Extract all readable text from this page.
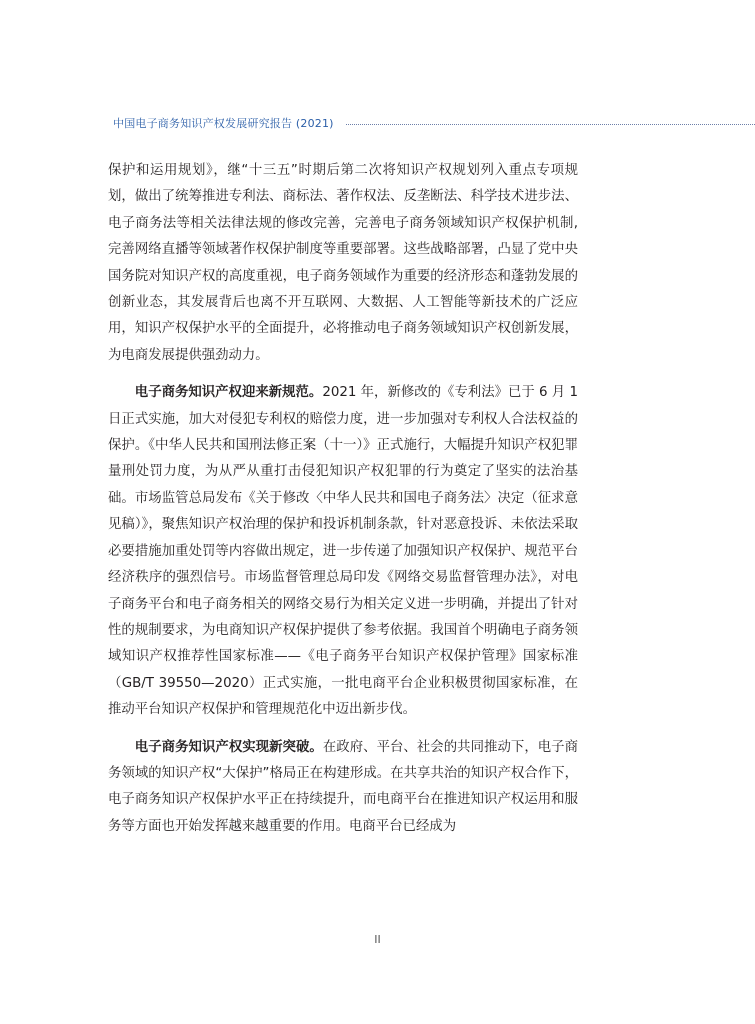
中国电子商务知识产权发展研究报告 (2021)

保护和运用规划》，继“十三五”时期后第二次将知识产权规划列入重点专项规划，做出了统筹推进专利法、商标法、著作权法、反垄断法、科学技术进步法、电子商务法等相关法律法规的修改完善，完善电子商务领域知识产权保护机制,完善网络直播等领域著作权保护制度等重要部署。这些战略部署，凸显了党中央国务院对知识产权的高度重视，电子商务领域作为重要的经济形态和蓬勃发展的创新业态，其发展背后也离不开互联网、大数据、人工智能等新技术的广泛应用，知识产权保护水平的全面提升，必将推动电子商务领域知识产权创新发展，为电商发展提供强劲动力。

电子商务知识产权迎来新规范。2021 年，新修改的《专利法》已于 6 月 1 日正式实施，加大对侵犯专利权的赔偿力度，进一步加强对专利权人合法权益的保护。《中华人民共和国刑法修正案（十一）》正式施行，大幅提升知识产权犯罪量刑处罚力度，为从严从重打击侵犯知识产权犯罪的行为奠定了坚实的法治基础。市场监管总局发布《关于修改〈中华人民共和国电子商务法〉决定（征求意见稿）》，聚焦知识产权治理的保护和投诉机制条款，针对恶意投诉、未依法采取必要措施加重处罚等内容做出规定，进一步传递了加强知识产权保护、规范平台经济秩序的强烈信号。市场监督管理总局印发《网络交易监督管理办法》，对电子商务平台和电子商务相关的网络交易行为相关定义进一步明确，并提出了针对性的规制要求，为电商知识产权保护提供了参考依据。我国首个明确电子商务领域知识产权推荐性国家标准——《电子商务平台知识产权保护管理》国家标准（GB/T 39550—2020）正式实施，一批电商平台企业积极贯彻国家标准，在推动平台知识产权保护和管理规范化中迈出新步伐。

电子商务知识产权实现新突破。在政府、平台、社会的共同推动下，电子商务领域的知识产权“大保护”格局正在构建形成。在共享共治的知识产权合作下，电子商务知识产权保护水平正在持续提升，而电商平台在推进知识产权运用和服务等方面也开始发挥越来越重要的作用。电商平台已经成为

II
